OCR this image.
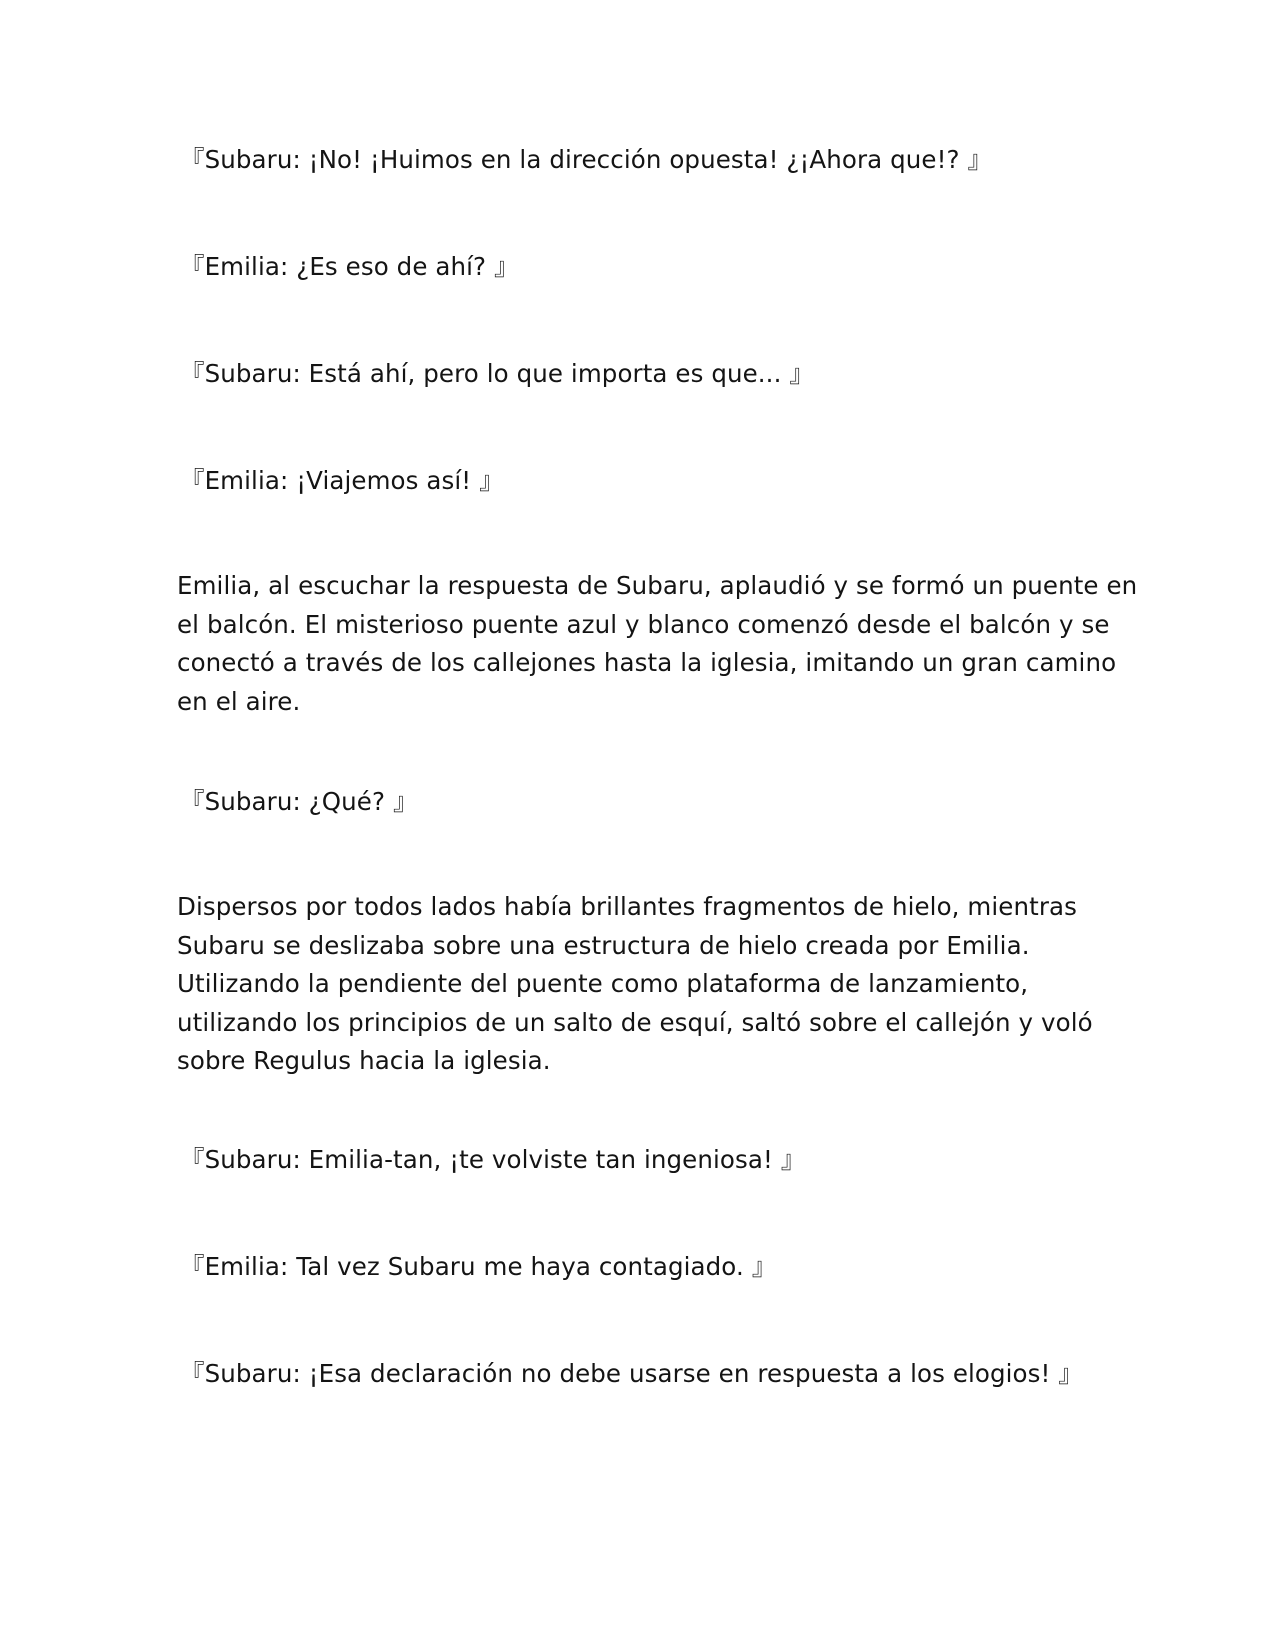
『Subaru: ¡No! ¡Huimos en la dirección opuesta! ¿¡Ahora que!? 』
『Emilia: ¿Es eso de ahí? 』
『Subaru: Está ahí, pero lo que importa es que... 』
『Emilia: ¡Viajemos así! 』
Emilia, al escuchar la respuesta de Subaru, aplaudió y se formó un puente en
el balcón. El misterioso puente azul y blanco comenzó desde el balcón y se
conectó a través de los callejones hasta la iglesia, imitando un gran camino
en el aire.
『Subaru: ¿Qué? 』
Dispersos por todos lados había brillantes fragmentos de hielo, mientras
Subaru se deslizaba sobre una estructura de hielo creada por Emilia.
Utilizando la pendiente del puente como plataforma de lanzamiento,
utilizando los principios de un salto de esquí, saltó sobre el callejón y voló
sobre Regulus hacia la iglesia.
『Subaru: Emilia-tan, ¡te volviste tan ingeniosa! 』
『Emilia: Tal vez Subaru me haya contagiado. 』
『Subaru: ¡Esa declaración no debe usarse en respuesta a los elogios! 』
